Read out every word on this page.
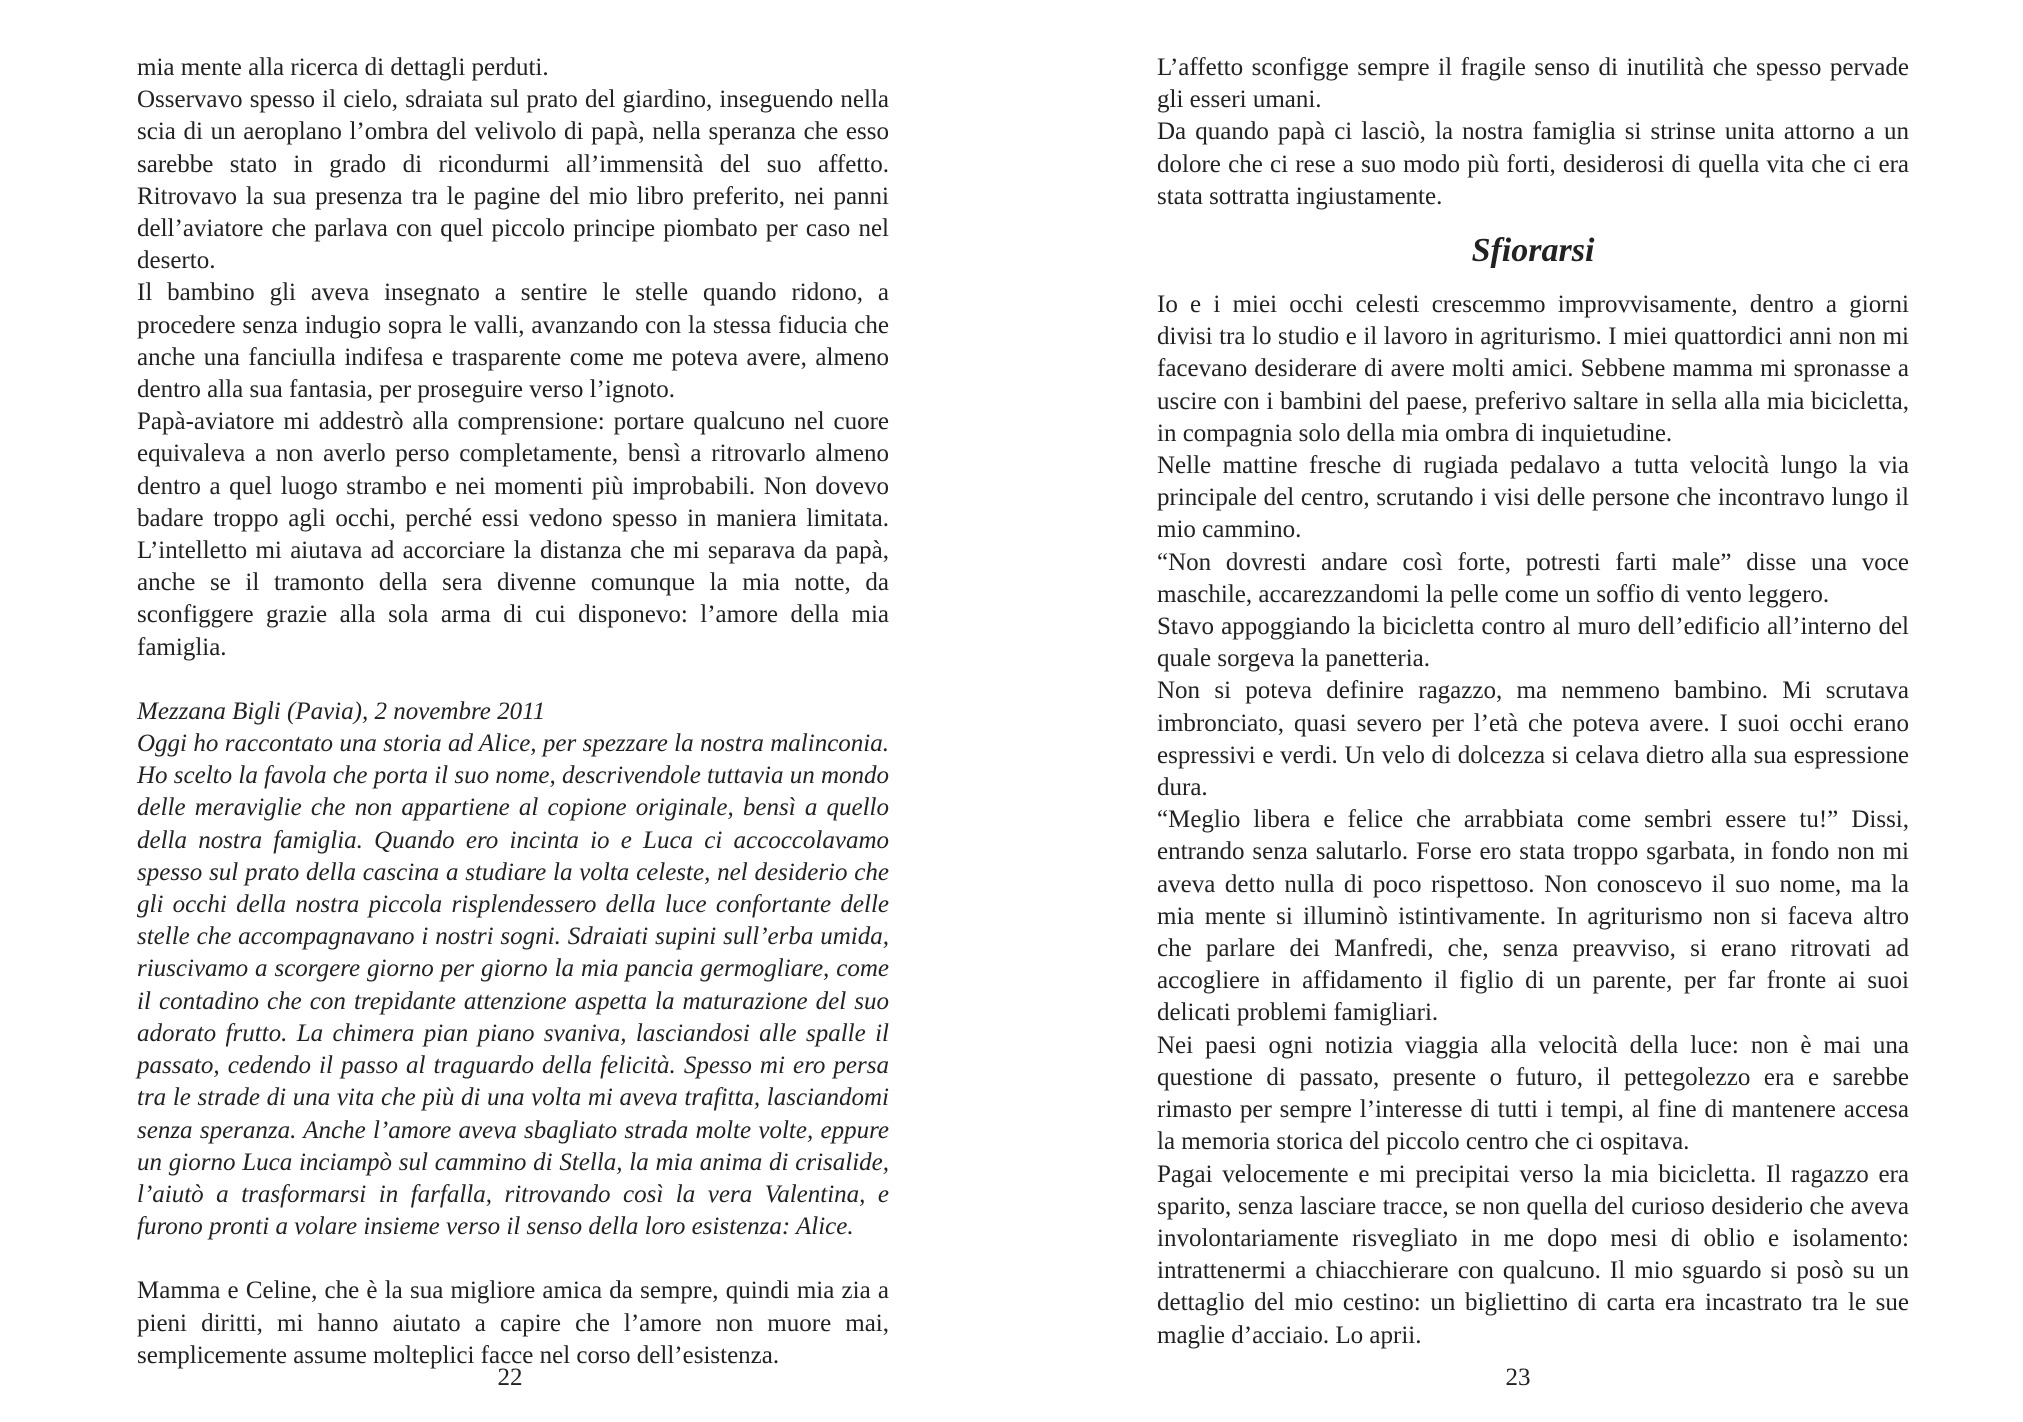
mia mente alla ricerca di dettagli perduti.

Osservavo spesso il cielo, sdraiata sul prato del giardino, inseguendo nella scia di un aeroplano l’ombra del velivolo di papà, nella speranza che esso sarebbe stato in grado di ricondurmi all’immensità del suo affetto. Ritrovavo la sua presenza tra le pagine del mio libro preferito, nei panni dell’aviatore che parlava con quel piccolo principe piombato per caso nel deserto.

Il bambino gli aveva insegnato a sentire le stelle quando ridono, a procedere senza indugio sopra le valli, avanzando con la stessa fiducia che anche una fanciulla indifesa e trasparente come me poteva avere, almeno dentro alla sua fantasia, per proseguire verso l’ignoto.

Papà-aviatore mi addestrò alla comprensione: portare qualcuno nel cuore equivaleva a non averlo perso completamente, bensì a ritrovarlo almeno dentro a quel luogo strambo e nei momenti più improbabili. Non dovevo badare troppo agli occhi, perché essi vedono spesso in maniera limitata. L’intelletto mi aiutava ad accorciare la distanza che mi separava da papà, anche se il tramonto della sera divenne comunque la mia notte, da sconfiggere grazie alla sola arma di cui disponevo: l’amore della mia famiglia.

Mezzana Bigli (Pavia), 2 novembre 2011

Oggi ho raccontato una storia ad Alice, per spezzare la nostra malinconia. Ho scelto la favola che porta il suo nome, descrivendole tuttavia un mondo delle meraviglie che non appartiene al copione originale, bensì a quello della nostra famiglia. Quando ero incinta io e Luca ci accoccolavamo spesso sul prato della cascina a studiare la volta celeste, nel desiderio che gli occhi della nostra piccola risplendessero della luce confortante delle stelle che accompagnavano i nostri sogni. Sdraiati supini sull’erba umida, riuscivamo a scorgere giorno per giorno la mia pancia germogliare, come il contadino che con trepidante attenzione aspetta la maturazione del suo adorato frutto. La chimera pian piano svaniva, lasciandosi alle spalle il passato, cedendo il passo al traguardo della felicità. Spesso mi ero persa tra le strade di una vita che più di una volta mi aveva trafitta, lasciandomi senza speranza. Anche l’amore aveva sbagliato strada molte volte, eppure un giorno Luca inciampò sul cammino di Stella, la mia anima di crisalide, l’aiutò a trasformarsi in farfalla, ritrovando così la vera Valentina, e furono pronti a volare insieme verso il senso della loro esistenza: Alice.

Mamma e Celine, che è la sua migliore amica da sempre, quindi mia zia a pieni diritti, mi hanno aiutato a capire che l’amore non muore mai, semplicemente assume molteplici facce nel corso dell’esistenza.

22

L’affetto sconfigge sempre il fragile senso di inutilità che spesso pervade gli esseri umani.

Da quando papà ci lasciò, la nostra famiglia si strinse unita attorno a un dolore che ci rese a suo modo più forti, desiderosi di quella vita che ci era stata sottratta ingiustamente.

Sfiorarsi

Io e i miei occhi celesti crescemmo improvvisamente, dentro a giorni divisi tra lo studio e il lavoro in agriturismo. I miei quattordici anni non mi facevano desiderare di avere molti amici. Sebbene mamma mi spronasse a uscire con i bambini del paese, preferivo saltare in sella alla mia bicicletta, in compagnia solo della mia ombra di inquietudine.

Nelle mattine fresche di rugiada pedalavo a tutta velocità lungo la via principale del centro, scrutando i visi delle persone che incontravo lungo il mio cammino.

“Non dovresti andare così forte, potresti farti male” disse una voce maschile, accarezzandomi la pelle come un soffio di vento leggero.

Stavo appoggiando la bicicletta contro al muro dell’edificio all’interno del quale sorgeva la panetteria.

Non si poteva definire ragazzo, ma nemmeno bambino. Mi scrutava imbronciato, quasi severo per l’età che poteva avere. I suoi occhi erano espressivi e verdi. Un velo di dolcezza si celava dietro alla sua espressione dura.

“Meglio libera e felice che arrabbiata come sembri essere tu!” Dissi, entrando senza salutarlo. Forse ero stata troppo sgarbata, in fondo non mi aveva detto nulla di poco rispettoso. Non conoscevo il suo nome, ma la mia mente si illuminò istintivamente. In agriturismo non si faceva altro che parlare dei Manfredi, che, senza preavviso, si erano ritrovati ad accogliere in affidamento il figlio di un parente, per far fronte ai suoi delicati problemi famigliari.

Nei paesi ogni notizia viaggia alla velocità della luce: non è mai una questione di passato, presente o futuro, il pettegolezzo era e sarebbe rimasto per sempre l’interesse di tutti i tempi, al fine di mantenere accesa la memoria storica del piccolo centro che ci ospitava.

Pagai velocemente e mi precipitai verso la mia bicicletta. Il ragazzo era sparito, senza lasciare tracce, se non quella del curioso desiderio che aveva involontariamente risvegliato in me dopo mesi di oblio e isolamento: intrattenermi a chiacchierare con qualcuno. Il mio sguardo si posò su un dettaglio del mio cestino: un bigliettino di carta era incastrato tra le sue maglie d’acciaio. Lo aprii.

23
